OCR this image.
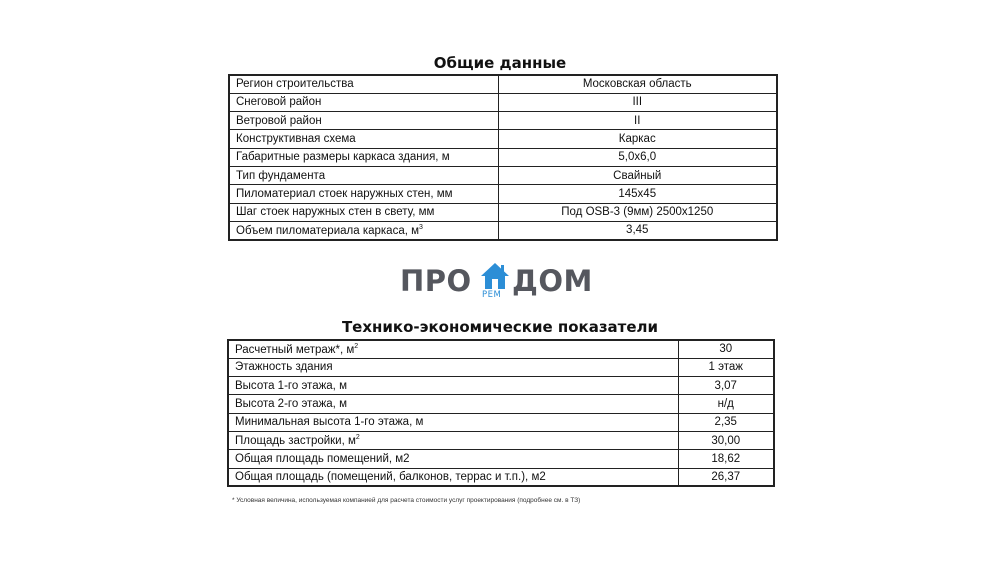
Общие данные
Регион строительства	Московская область
Снеговой район	III
Ветровой район	II
Конструктивная схема	Каркас
Габаритные размеры каркаса здания, м	5,0х6,0
Тип фундамента	Свайный
Пиломатериал стоек наружных стен, мм	145х45
Шаг стоек наружных стен в свету, мм	Под OSB-3 (9мм) 2500х1250
Объем пиломатериала каркаса, $м^3$	3,45
ПРО РЕМ ДОМ
Технико-экономические показатели
Расчетный метраж*, $м^2$	30
Этажность здания	1 этаж
Высота 1-го этажа, м	3,07
Высота 2-го этажа, м	н/д
Минимальная высота 1-го этажа, м	2,35
Площадь застройки, $м^2$	30,00
Общая площадь помещений, м2	18,62
Общая площадь (помещений, балконов, террас и т.п.), м2	26,37
* Условная величина, используемая компанией для расчета стоимости услуг проектирования (подробнее см. в ТЗ)
